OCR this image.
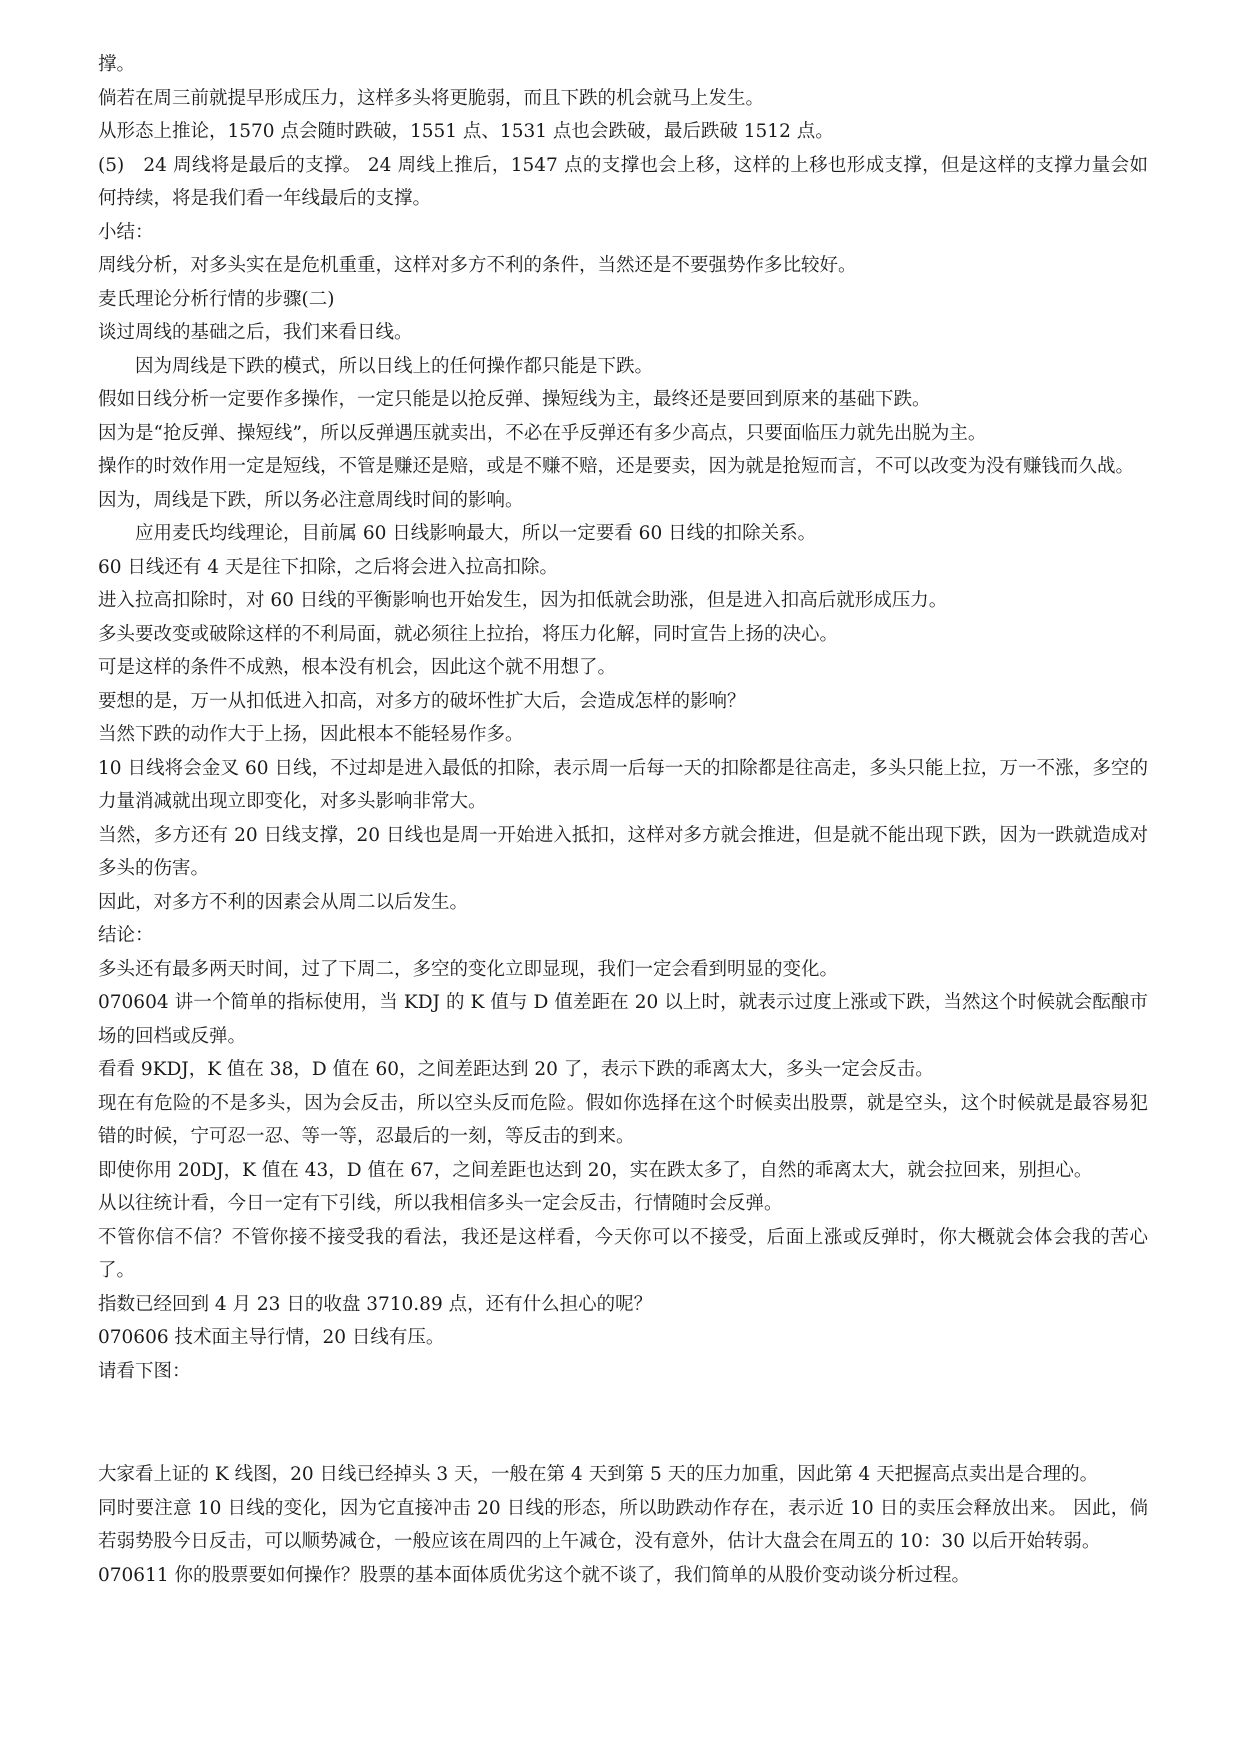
撑。

倘若在周三前就提早形成压力，这样多头将更脆弱，而且下跌的机会就马上发生。

从形态上推论，1570 点会随时跌破，1551 点、1531 点也会跌破，最后跌破 1512 点。

(5)　24 周线将是最后的支撑。 24 周线上推后，1547 点的支撑也会上移，这样的上移也形成支撑，但是这样的支撑力量会如何持续，将是我们看一年线最后的支撑。

小结：

周线分析，对多头实在是危机重重，这样对多方不利的条件，当然还是不要强势作多比较好。

麦氏理论分析行情的步骤(二)

谈过周线的基础之后，我们来看日线。

因为周线是下跌的模式，所以日线上的任何操作都只能是下跌。

假如日线分析一定要作多操作，一定只能是以抢反弹、操短线为主，最终还是要回到原来的基础下跌。

因为是“抢反弹、操短线”，所以反弹遇压就卖出，不必在乎反弹还有多少高点，只要面临压力就先出脱为主。

操作的时效作用一定是短线，不管是赚还是赔，或是不赚不赔，还是要卖，因为就是抢短而言，不可以改变为没有赚钱而久战。

因为，周线是下跌，所以务必注意周线时间的影响。

应用麦氏均线理论，目前属 60 日线影响最大，所以一定要看 60 日线的扣除关系。

60 日线还有 4 天是往下扣除，之后将会进入拉高扣除。

进入拉高扣除时，对 60 日线的平衡影响也开始发生，因为扣低就会助涨，但是进入扣高后就形成压力。

多头要改变或破除这样的不利局面，就必须往上拉抬，将压力化解，同时宣告上扬的决心。

可是这样的条件不成熟，根本没有机会，因此这个就不用想了。

要想的是，万一从扣低进入扣高，对多方的破坏性扩大后，会造成怎样的影响？

当然下跌的动作大于上扬，因此根本不能轻易作多。

10 日线将会金叉 60 日线，不过却是进入最低的扣除，表示周一后每一天的扣除都是往高走，多头只能上拉，万一不涨，多空的力量消减就出现立即变化，对多头影响非常大。

当然，多方还有 20 日线支撑，20 日线也是周一开始进入抵扣，这样对多方就会推进，但是就不能出现下跌，因为一跌就造成对多头的伤害。

因此，对多方不利的因素会从周二以后发生。

结论：

多头还有最多两天时间，过了下周二，多空的变化立即显现，我们一定会看到明显的变化。

070604 讲一个简单的指标使用，当 KDJ 的 K 值与 D 值差距在 20 以上时，就表示过度上涨或下跌，当然这个时候就会酝酿市场的回档或反弹。

看看 9KDJ，K 值在 38，D 值在 60，之间差距达到 20 了，表示下跌的乖离太大，多头一定会反击。

现在有危险的不是多头，因为会反击，所以空头反而危险。假如你选择在这个时候卖出股票，就是空头，这个时候就是最容易犯错的时候，宁可忍一忍、等一等，忍最后的一刻，等反击的到来。

即使你用 20DJ，K 值在 43，D 值在 67，之间差距也达到 20，实在跌太多了，自然的乖离太大，就会拉回来，别担心。

从以往统计看，今日一定有下引线，所以我相信多头一定会反击，行情随时会反弹。

不管你信不信？不管你接不接受我的看法，我还是这样看，今天你可以不接受，后面上涨或反弹时，你大概就会体会我的苦心了。

指数已经回到 4 月 23 日的收盘 3710.89 点，还有什么担心的呢？

070606 技术面主导行情，20 日线有压。

请看下图：

大家看上证的 K 线图，20 日线已经掉头 3 天，一般在第 4 天到第 5 天的压力加重，因此第 4 天把握高点卖出是合理的。

同时要注意 10 日线的变化，因为它直接冲击 20 日线的形态，所以助跌动作存在，表示近 10 日的卖压会释放出来。 因此，倘若弱势股今日反击，可以顺势减仓，一般应该在周四的上午减仓，没有意外，估计大盘会在周五的 10：30 以后开始转弱。

070611 你的股票要如何操作？股票的基本面体质优劣这个就不谈了，我们简单的从股价变动谈分析过程。
